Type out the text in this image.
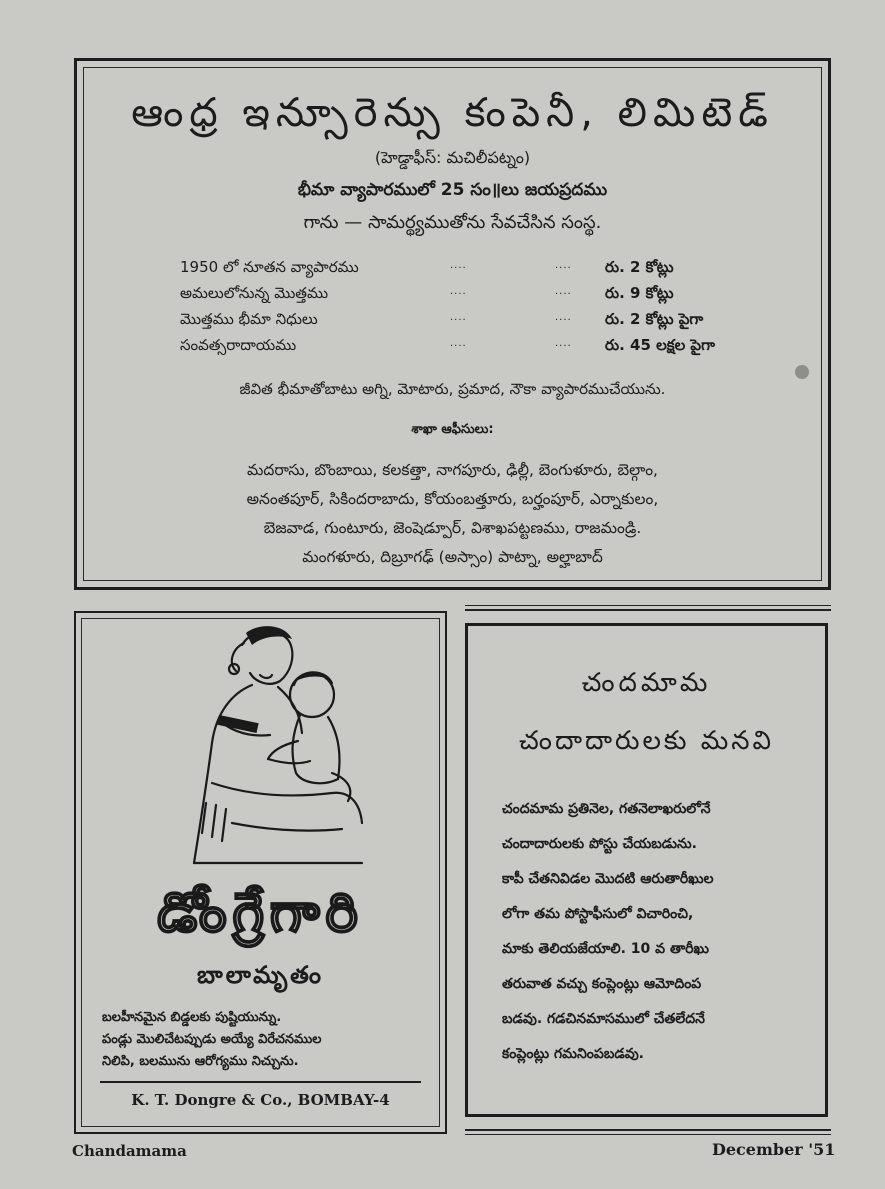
ఆంధ్ర ఇన్సూరెన్సు కంపెనీ, లిమిటెడ్
(హెడ్డాఫీస్: మచిలీపట్నం)
భీమా వ్యాపారములో 25 సం॥లు జయప్రదము
గాను — సామర్థ్యముతోను సేవచేసిన సంస్థ.
1950 లో నూతన వ్యాపారము	....	.... రు. 2 కోట్లు
అమలులోనున్న మొత్తము	....	.... రు. 9 కోట్లు
మొత్తము భీమా నిధులు	....	.... రు. 2 కోట్లు పైగా
సంవత్సరాదాయము	....	.... రు. 45 లక్షల పైగా
జీవిత భీమాతోబాటు అగ్ని, మోటారు, ప్రమాద, నౌకా వ్యాపారముచేయును.
శాఖా ఆఫీసులు:
మదరాసు, బొంబాయి, కలకత్తా, నాగపూరు, ఢిల్లీ, బెంగుళూరు, బెల్గాం,
అనంతపూర్, సికిందరాబాదు, కోయంబత్తూరు, బర్హంపూర్, ఎర్నాకులం,
బెజవాడ, గుంటూరు, జెంషెడ్పూర్, విశాఖపట్టణము, రాజమండ్రి.
మంగళూరు, దిబ్రూగఢ్ (అస్సాం) పాట్నా, అల్హాబాద్
డోంగ్రేగారి
బాలామృతం
బలహీనమైన బిడ్డలకు పుష్టియున్ను.
పండ్లు మొలిచేటప్పుడు అయ్యే విరేచనముల
నిలిపి, బలమును ఆరోగ్యము నిచ్చును.
K. T. Dongre & Co., BOMBAY-4
చందమామ
చందాదారులకు మనవి
చందమామ ప్రతినెల, గతనెలాఖరులోనే
చందాదారులకు పోస్టు చేయబడును.
కాపీ చేతనివిడల మొదటి ఆరుతారీఖుల
లోగా తమ పోస్టాఫీసులో విచారించి,
మాకు తెలియజేయాలి. 10 వ తారీఖు
తరువాత వచ్చు కంప్లెంట్లు ఆమోదింప
బడవు. గడచినమాసములో చేతలేదనే
కంప్లెంట్లు గమనింపబడవు.
Chandamama	December '51
